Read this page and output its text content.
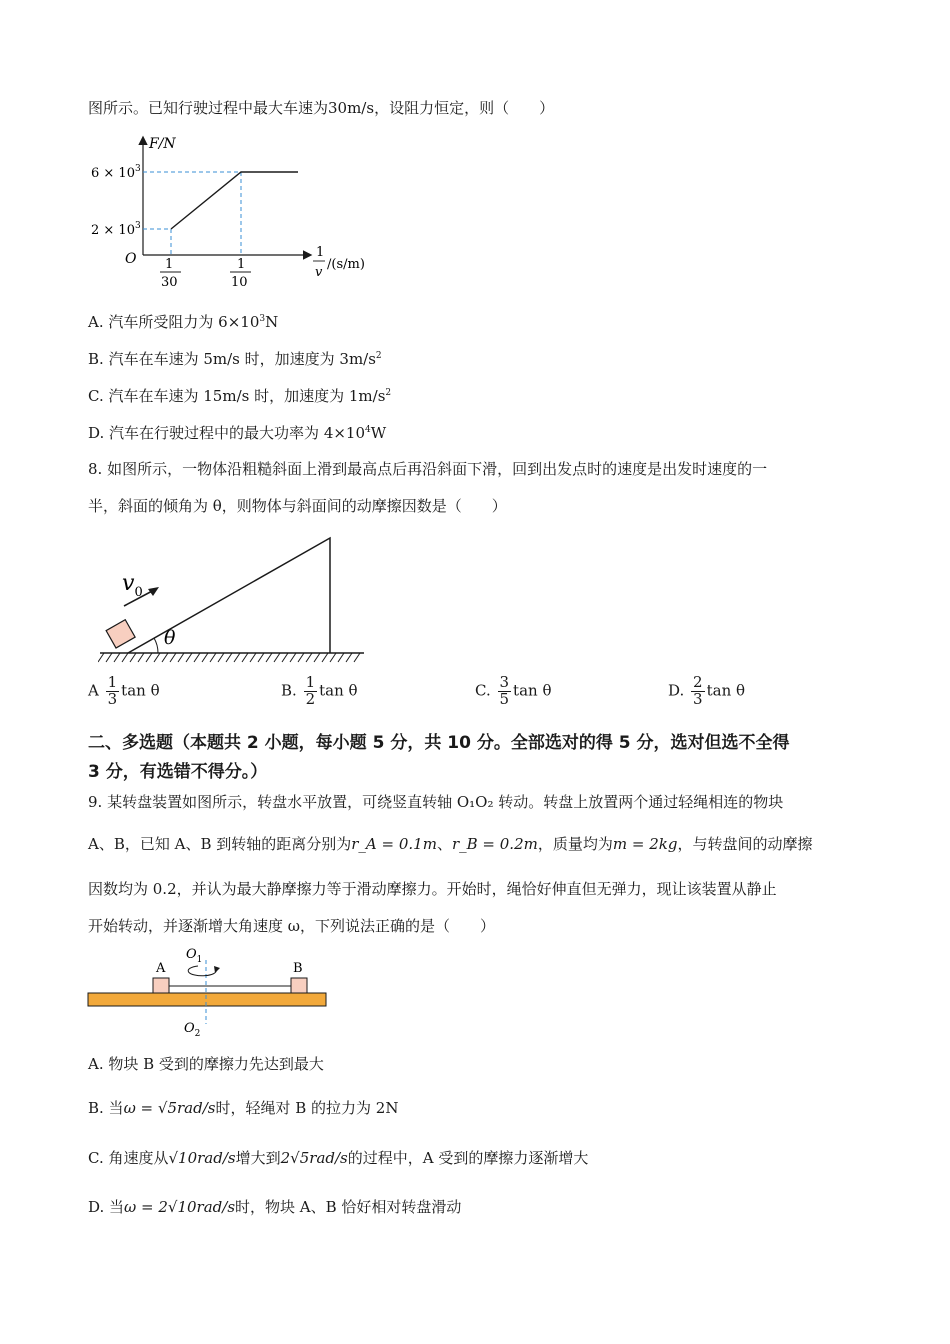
图所示。已知行驶过程中最大车速为30m/s，设阻力恒定，则（　　）
F/N
$6 \times 10^3$
$2 \times 10^3$
O 1
30
1
10
1
v
/(s/m)
A. 汽车所受阻力为 $6\times 10^3N$
B. 汽车在车速为 5m/s 时，加速度为 $3m/s^2$
C. 汽车在车速为 15m/s 时，加速度为 $1m/s^2$
D. 汽车在行驶过程中的最大功率为 $4\times 10^4W$
8. 如图所示，一物体沿粗糙斜面上滑到最高点后再沿斜面下滑，回到出发点时的速度是出发时速度的一
半，斜面的倾角为 θ，则物体与斜面间的动摩擦因数是（　　）
θ
$v_0$
A $\frac{1}{3}$ tan θ	B. $\frac{1}{2}$ tan θ	C. $\frac{3}{5}$ tan θ	D. $\frac{2}{3}$ tan θ
二、多选题（本题共 2 小题，每小题 5 分，共 10 分。全部选对的得 5 分，选对但选不全得
3 分，有选错不得分。）
9. 某转盘装置如图所示，转盘水平放置，可绕竖直转轴 O₁O₂ 转动。转盘上放置两个通过轻绳相连的物块
A、B，已知 A、B 到转轴的距离分别为r_A = 0.1m、r_B = 0.2m，质量均为m = 2kg，与转盘间的动摩擦
因数均为 0.2，并认为最大静摩擦力等于滑动摩擦力。开始时，绳恰好伸直但无弹力，现让该装置从静止
开始转动，并逐渐增大角速度 ω，下列说法正确的是（　　）
A	B
$O_1$
$O_2$
A. 物块 B 受到的摩擦力先达到最大
B. 当ω = √5rad/s时，轻绳对 B 的拉力为 2N
C. 角速度从√10rad/s增大到2√5rad/s的过程中，A 受到的摩擦力逐渐增大
D. 当ω = 2√10rad/s时，物块 A、B 恰好相对转盘滑动
